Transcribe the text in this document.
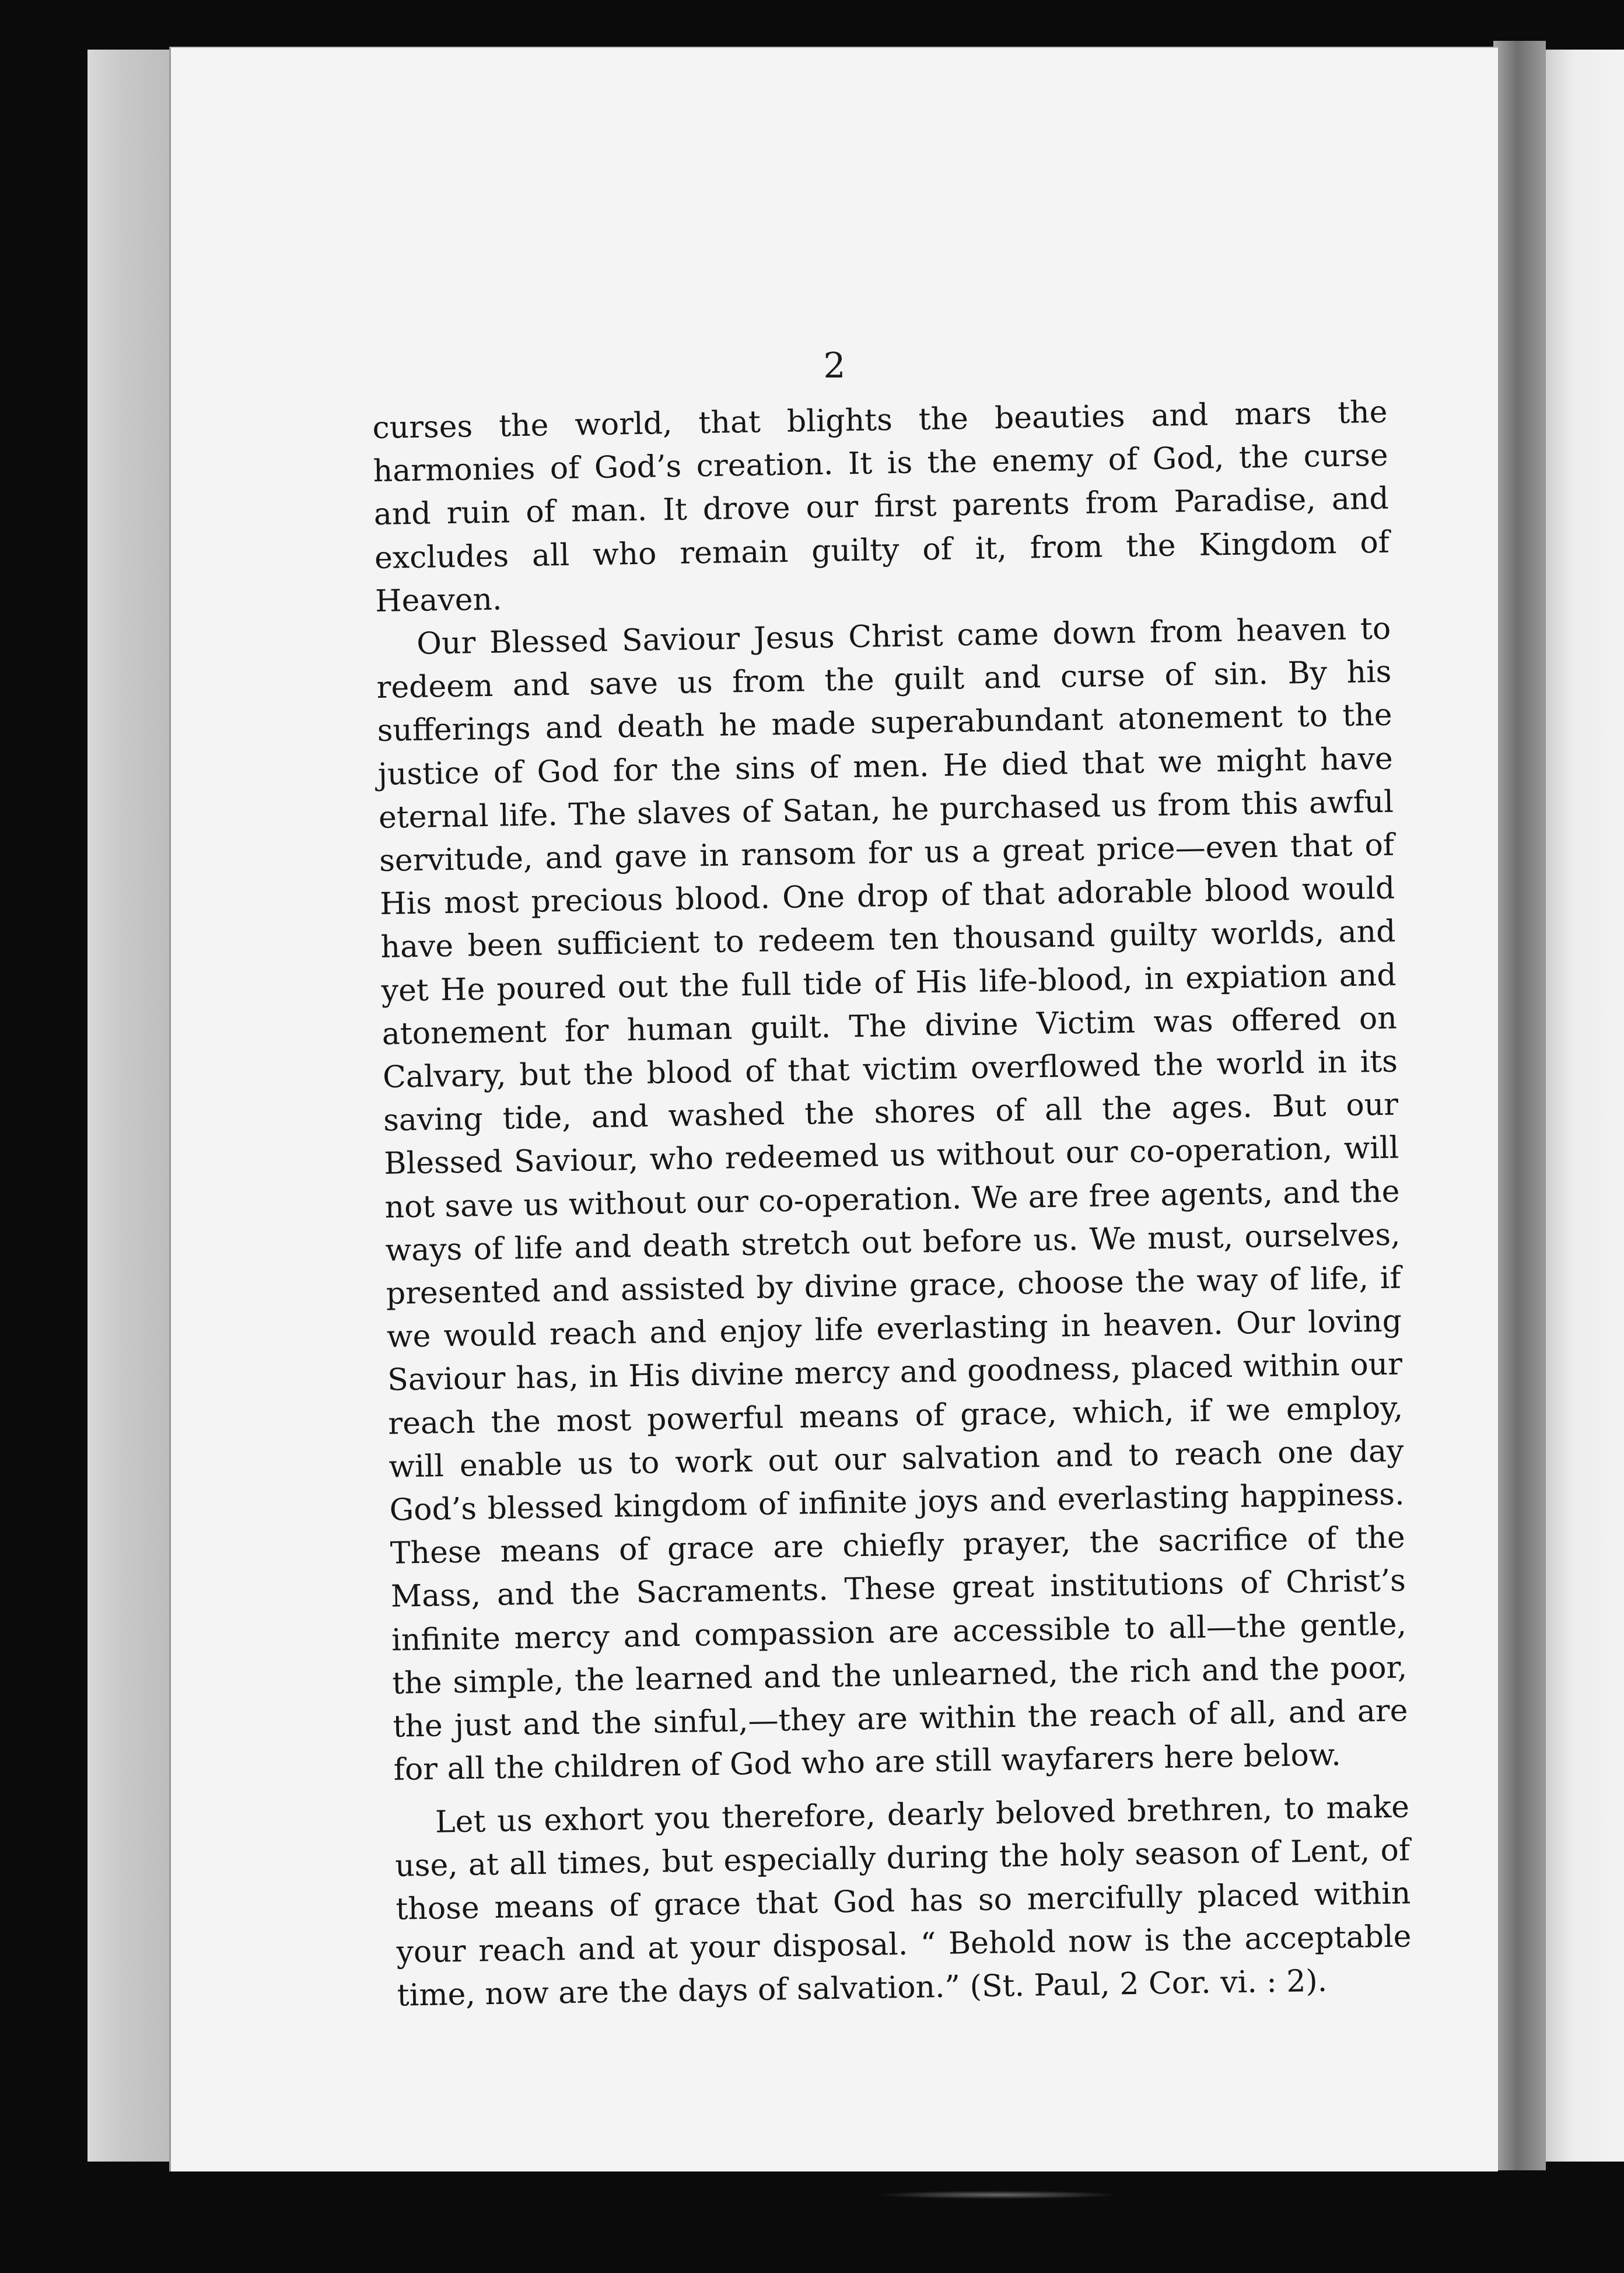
2

curses the world, that blights the beauties and mars the harmonies of God’s creation. It is the enemy of God, the curse and ruin of man. It drove our first parents from Paradise, and excludes all who remain guilty of it, from the Kingdom of Heaven.

Our Blessed Saviour Jesus Christ came down from heaven to redeem and save us from the guilt and curse of sin. By his sufferings and death he made superabundant atonement to the justice of God for the sins of men. He died that we might have eternal life. The slaves of Satan, he purchased us from this awful servitude, and gave in ransom for us a great price—even that of His most precious blood. One drop of that adorable blood would have been sufficient to redeem ten thousand guilty worlds, and yet He poured out the full tide of His life-blood, in expiation and atonement for human guilt. The divine Victim was offered on Calvary, but the blood of that victim overflowed the world in its saving tide, and washed the shores of all the ages. But our Blessed Saviour, who redeemed us without our co-operation, will not save us without our co-operation. We are free agents, and the ways of life and death stretch out before us. We must, ourselves, presented and assisted by divine grace, choose the way of life, if we would reach and enjoy life everlasting in heaven. Our loving Saviour has, in His divine mercy and goodness, placed within our reach the most powerful means of grace, which, if we employ, will enable us to work out our salvation and to reach one day God’s blessed kingdom of infinite joys and everlasting happiness. These means of grace are chiefly prayer, the sacrifice of the Mass, and the Sacraments. These great institutions of Christ’s infinite mercy and compassion are accessible to all—the gentle, the simple, the learned and the unlearned, the rich and the poor, the just and the sinful,—they are within the reach of all, and are for all the children of God who are still wayfarers here below.

Let us exhort you therefore, dearly beloved brethren, to make use, at all times, but especially during the holy season of Lent, of those means of grace that God has so mercifully placed within your reach and at your disposal. “ Behold now is the acceptable time, now are the days of salvation.” (St. Paul, 2 Cor. vi. : 2).
